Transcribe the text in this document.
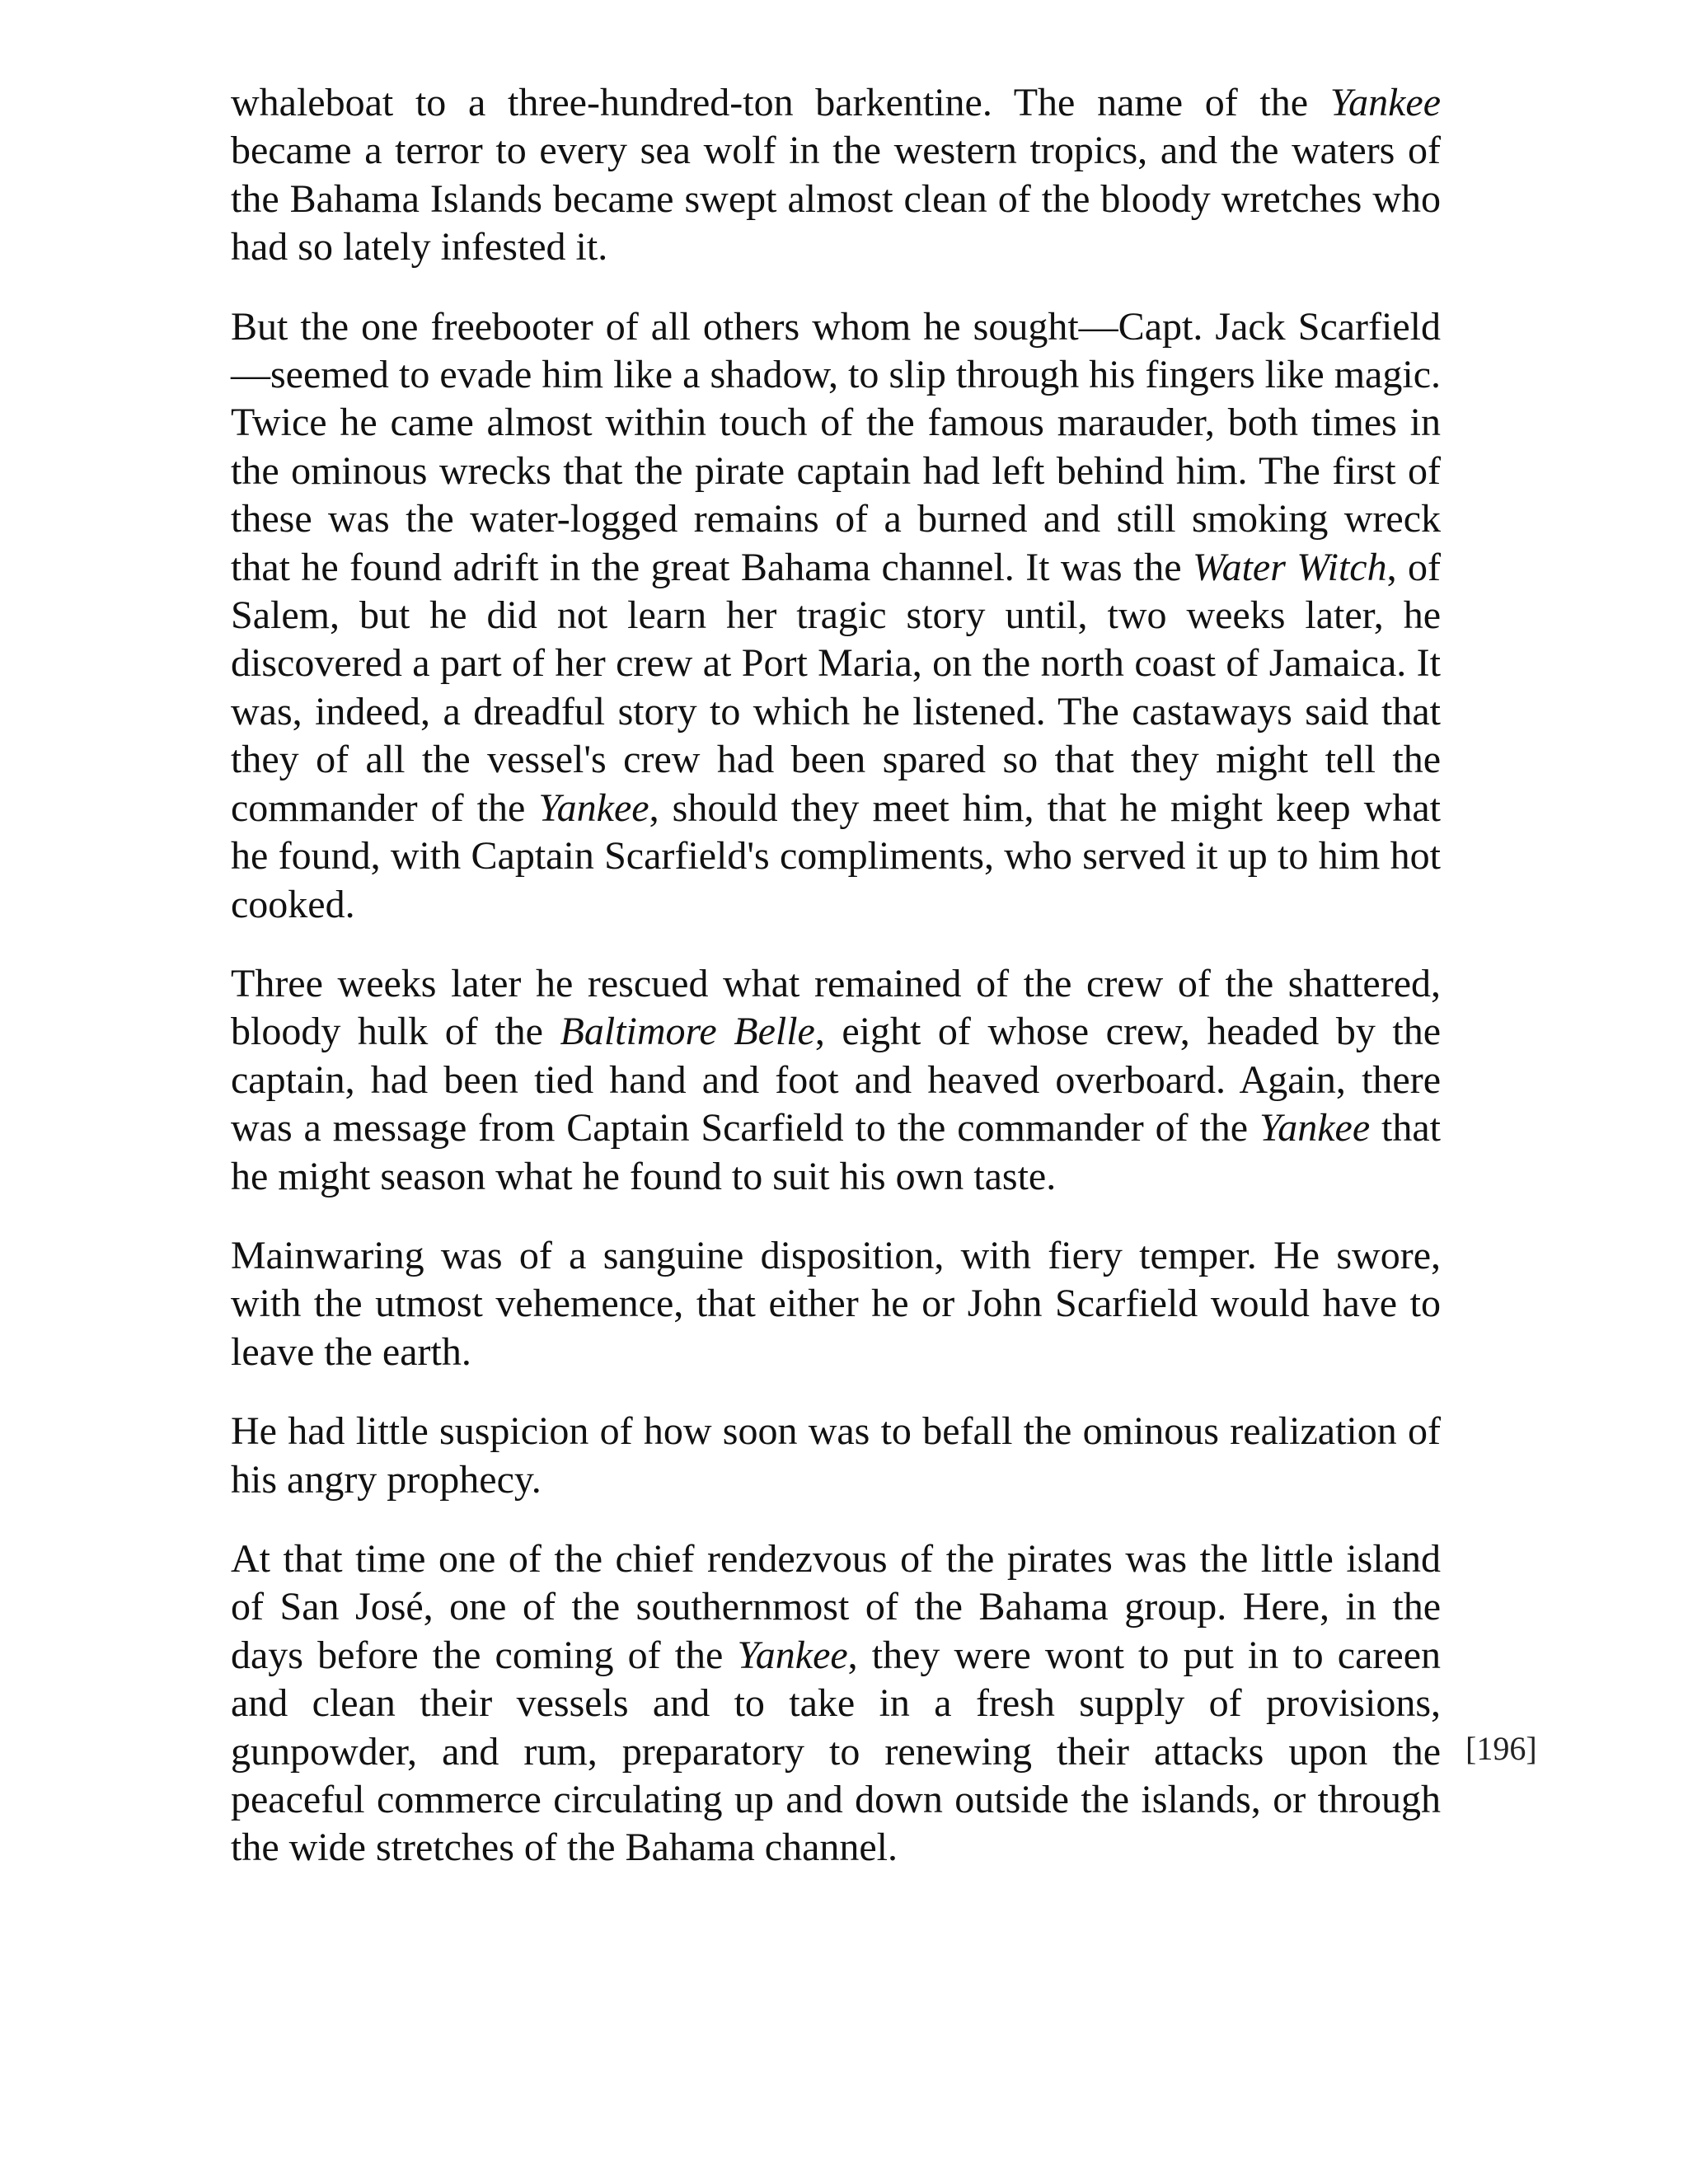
whaleboat to a three-hundred-ton barkentine. The name of the Yankee became a terror to every sea wolf in the western tropics, and the waters of the Bahama Islands became swept almost clean of the bloody wretches who had so lately infested it.

But the one freebooter of all others whom he sought—Capt. Jack Scarfield—seemed to evade him like a shadow, to slip through his fingers like magic. Twice he came almost within touch of the famous marauder, both times in the ominous wrecks that the pirate captain had left behind him. The first of these was the water-logged remains of a burned and still smoking wreck that he found adrift in the great Bahama channel. It was the Water Witch, of Salem, but he did not learn her tragic story until, two weeks later, he discovered a part of her crew at Port Maria, on the north coast of Jamaica. It was, indeed, a dreadful story to which he listened. The castaways said that they of all the vessel's crew had been spared so that they might tell the commander of the Yankee, should they meet him, that he might keep what he found, with Captain Scarfield's compliments, who served it up to him hot cooked.

Three weeks later he rescued what remained of the crew of the shattered, bloody hulk of the Baltimore Belle, eight of whose crew, headed by the captain, had been tied hand and foot and heaved overboard. Again, there was a message from Captain Scarfield to the commander of the Yankee that he might season what he found to suit his own taste.

Mainwaring was of a sanguine disposition, with fiery temper. He swore, with the utmost vehemence, that either he or John Scarfield would have to leave the earth.

He had little suspicion of how soon was to befall the ominous realization of his angry prophecy.

At that time one of the chief rendezvous of the pirates was the little island of San José, one of the southernmost of the Bahama group. Here, in the days before the coming of the Yankee, they were wont to put in to careen and clean their vessels and to take in a fresh supply of provisions, gunpowder, and rum, preparatory to renewing their attacks upon the peaceful commerce circulating up and down outside the islands, or through the wide stretches of the Bahama channel.

[196]
